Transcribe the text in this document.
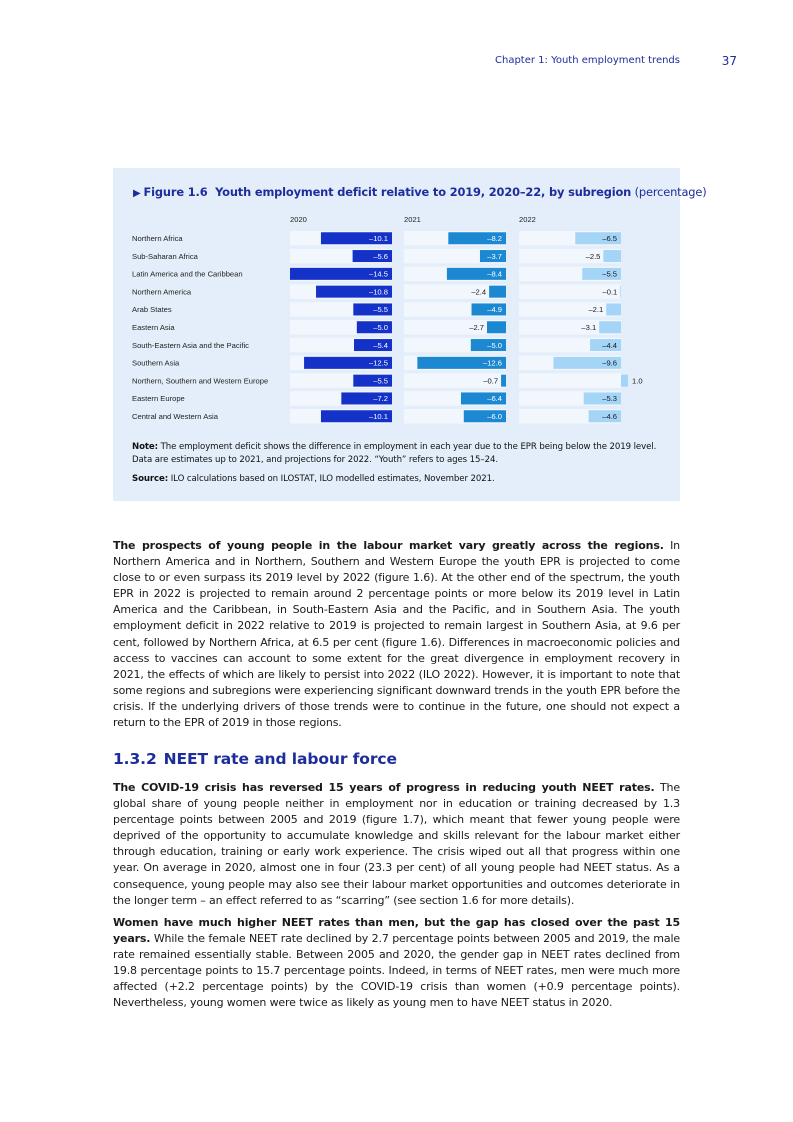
Chapter 1: Youth employment trends	37
▶ Figure 1.6 Youth employment deficit relative to 2019, 2020–22, by subregion (percentage)
2020	2021	2022
Northern Africa	–10.1	–8.2	–6.5
Sub-Saharan Africa	–5.6	–3.7	–2.5
Latin America and the Caribbean	–14.5	–8.4	–5.5
Northern America	–10.8	–2.4	–0.1
Arab States	–5.5	–4.9	–2.1
Eastern Asia	–5.0	–2.7	–3.1
South-Eastern Asia and the Pacific	–5.4	–5.0	–4.4
Southern Asia	–12.5	–12.6	–9.6
Northern, Southern and Western Europe	–5.5	–0.7	1.0
Eastern Europe	–7.2	–6.4	–5.3
Central and Western Asia	–10.1	–6.0	–4.6
Note: The employment deficit shows the difference in employment in each year due to the EPR being below the 2019 level. Data are estimates up to 2021, and projections for 2022. “Youth” refers to ages 15–24.
Source: ILO calculations based on ILOSTAT, ILO modelled estimates, November 2021.

The prospects of young people in the labour market vary greatly across the regions. In Northern America and in Northern, Southern and Western Europe the youth EPR is projected to come close to or even surpass its 2019 level by 2022 (figure 1.6). At the other end of the spectrum, the youth EPR in 2022 is projected to remain around 2 percentage points or more below its 2019 level in Latin America and the Caribbean, in South-Eastern Asia and the Pacific, and in Southern Asia. The youth employment deficit in 2022 relative to 2019 is projected to remain largest in Southern Asia, at 9.6 per cent, followed by Northern Africa, at 6.5 per cent (figure 1.6). Differences in macroeconomic policies and access to vaccines can account to some extent for the great divergence in employment recovery in 2021, the effects of which are likely to persist into 2022 (ILO 2022). However, it is important to note that some regions and subregions were experiencing significant downward trends in the youth EPR before the crisis. If the underlying drivers of those trends were to continue in the future, one should not expect a return to the EPR of 2019 in those regions.

1.3.2 NEET rate and labour force

The COVID-19 crisis has reversed 15 years of progress in reducing youth NEET rates. The global share of young people neither in employment nor in education or training decreased by 1.3 percentage points between 2005 and 2019 (figure 1.7), which meant that fewer young people were deprived of the opportunity to accumulate knowledge and skills relevant for the labour market either through education, training or early work experience. The crisis wiped out all that progress within one year. On average in 2020, almost one in four (23.3 per cent) of all young people had NEET status. As a consequence, young people may also see their labour market opportunities and outcomes deteriorate in the longer term – an effect referred to as “scarring” (see section 1.6 for more details).

Women have much higher NEET rates than men, but the gap has closed over the past 15 years. While the female NEET rate declined by 2.7 percentage points between 2005 and 2019, the male rate remained essentially stable. Between 2005 and 2020, the gender gap in NEET rates declined from 19.8 percentage points to 15.7 percentage points. Indeed, in terms of NEET rates, men were much more affected (+2.2 percentage points) by the COVID-19 crisis than women (+0.9 percentage points). Nevertheless, young women were twice as likely as young men to have NEET status in 2020.
